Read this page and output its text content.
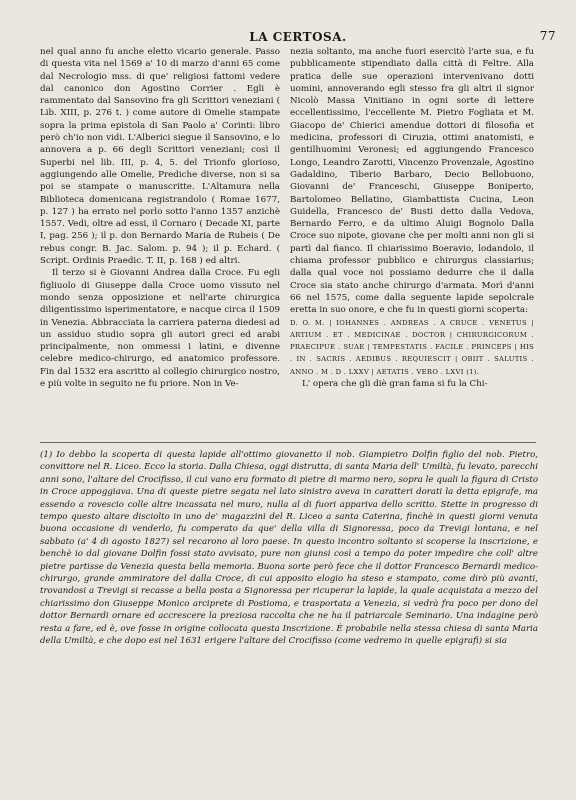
LA CERTOSA.	77

nel qual anno fu anche eletto vicario generale. Passo di questa vita nel 1569 a' 10 di marzo d'anni 65 come dal Necrologio mss. di que' religiosi fattomi vedere dal canonico don Agostino Corrier . Egli è rammentato dal Sansovino fra gli Scrittori veneziani ( Lib. XIII, p. 276 t. ) come autore di Omelie stampate sopra la prima epistola di San Paolo a' Corinti: libro però ch'io non vidi. L'Alberici siegue il Sansovino, e lo annovera a p. 66 degli Scrittori veneziani; così il Superbi nel lib. III, p. 4, 5. del Trionfo glorioso, aggiungendo alle Omelie, Prediche diverse, non si sa poi se stampate o manuscritte. L'Altamura nella Biblioteca domenicana registrandolo ( Romae 1677, p. 127 ) ha errato nel porlo sotto l'anno 1357 anzichè 1557. Vedi, oltre ad essi, il Cornaro ( Decade XI, parte I, pag. 256 ); il p. don Bernardo Maria de Rubeis ( De rebus congr. B. Jac. Salom. p. 94 ); il p. Echard. ( Script. Ordinis Praedic. T. II, p. 168 ) ed altri.

Il terzo si è Giovanni Andrea dalla Croce. Fu egli figliuolo di Giuseppe dalla Croce uomo vissuto nel mondo senza opposizione et nell'arte chirurgica diligentissimo isperimentatore, e nacque circa il 1509 in Venezia. Abbracciata la carriera paterna diedesi ad un assiduo studio sopra gli autori greci ed arabi principalmente, non ommessi i latini, e divenne celebre medico-chirurgo, ed anatomico professore. Fin dal 1532 era ascritto al collegio chirurgico nostro, e più volte in seguito ne fu priore. Non in Ve-

nezia soltanto, ma anche fuori esercitò l'arte sua, e fu pubblicamente stipendiato dalla città di Feltre. Alla pratica delle sue operazioni intervenivano dotti uomini, annoverando egli stesso fra gli altri il signor Nicolò Massa Vinitiano in ogni sorte di lettere eccellentissimo, l'eccellente M. Pietro Fogliata et M. Giacopo de' Chierici amendue dottori di filosofia et medicina, professori di Ciruzia, ottimi anatomisti, e gentilhuomini Veronesi; ed aggiungendo Francesco Longo, Leandro Zarotti, Vincenzo Provenzale, Agostino Gadaldino, Tiberio Barbaro, Decio Bellobuono, Giovanni de' Franceschi, Giuseppe Bonipertο, Bartolomeo Bellatino, Giambattista Cucina, Leon Guidella, Francesco de' Busti detto dalla Vedova, Bernardo Ferro, e da ultimo Aluigi Bognolo Dalla Croce suo nipote, giovane che per molti anni non gli si partì dal fianco. Il chiarissimo Boeravio, lodandolo, il chiama professor pubblico e chirurgus classiarius; dalla qual voce noi possiamo dedurre che il dalla Croce sia stato anche chirurgo d'armata. Morì d'anni 66 nel 1575, come dalla seguente lapide sepolcrale eretta in suo onore, e che fu in questi giorni scoperta:

D. O. M. | IOHANNES . ANDREAS . A CRUCE . VENETUS | ARTIUM . ET . MEDICINAE . DOCTOR | CHIRURGICORUM . PRAECIPUE . SUAE | TEMPESTATIS . FACILE . PRINCEPS | HIS . IN . SACRIS . AEDIBUS . REQUIESCIT | OBIIT . SALUTIS . ANNO . M . D . LXXV | AETATIS . VERO . LXVI (1).

L' opera che gli diè gran fama si fu la Chi-

(1) Io debbo la scoperta di questa lapide all'ottimo giovanetto il nob. Giampietro Dolfin figlio del nob. Pietro, convittore nel R. Liceo. Ecco la storia. Dalla Chiesa, oggi distrutta, di santa Maria dell' Umiltà, fu levato, parecchi anni sono, l'altare del Crocifisso, il cui vano era formato di pietre di marmo nero, sopra le quali la figura di Cristo in Croce appoggiava. Una di queste pietre segata nel lato sinistro aveva in caratteri dorati la detta epigrafe, ma essendo a rovescio colle altre incassata nel muro, nulla al di fuori appariva dello scritto. Stette in progresso di tempo questo altare disciolto in uno de' magazzini del R. Liceo a santa Caterina, finchè in questi giorni venuta buona occasione di venderlo, fu comperato da que' della villa di Signoressa, poco da Trevigi lontana, e nel sabbato (a' 4 di agosto 1827) sel recarono al loro paese. In questo incontro soltanto si scoperse la inscrizione, e benchè io dal giovane Dolfin fossi stato avvisato, pure non giunsi così a tempo da poter impedire che coll' altre pietre partisse da Venezia questa bella memoria. Buona sorte però fece che il dottor Francesco Bernardi medico-chirurgo, grande ammiratore del dalla Croce, di cui apposito elogio ha steso e stampato, come dirò più avanti, trovandosi a Trevigi si recasse a bella posta a Signoressa per ricuperar la lapide, la quale acquistata a mezzo del chiarissimo don Giuseppe Monico arciprete di Postioma, e trasportata a Venezia, si vedrà fra poco per dono del dottor Bernardi ornare ed accrescere la preziosa raccolta che ne ha il patriarcale Seminario. Una indagine però resta a fare, ed è, ove fosse in origine collocata questa Inscrizione. È probabile nella stessa chiesa di santa Maria della Umiltà, e che dopo esi nel 1631 erigere l'altare del Crocifisso (come vedremo in quelle epigrafi) si sia
